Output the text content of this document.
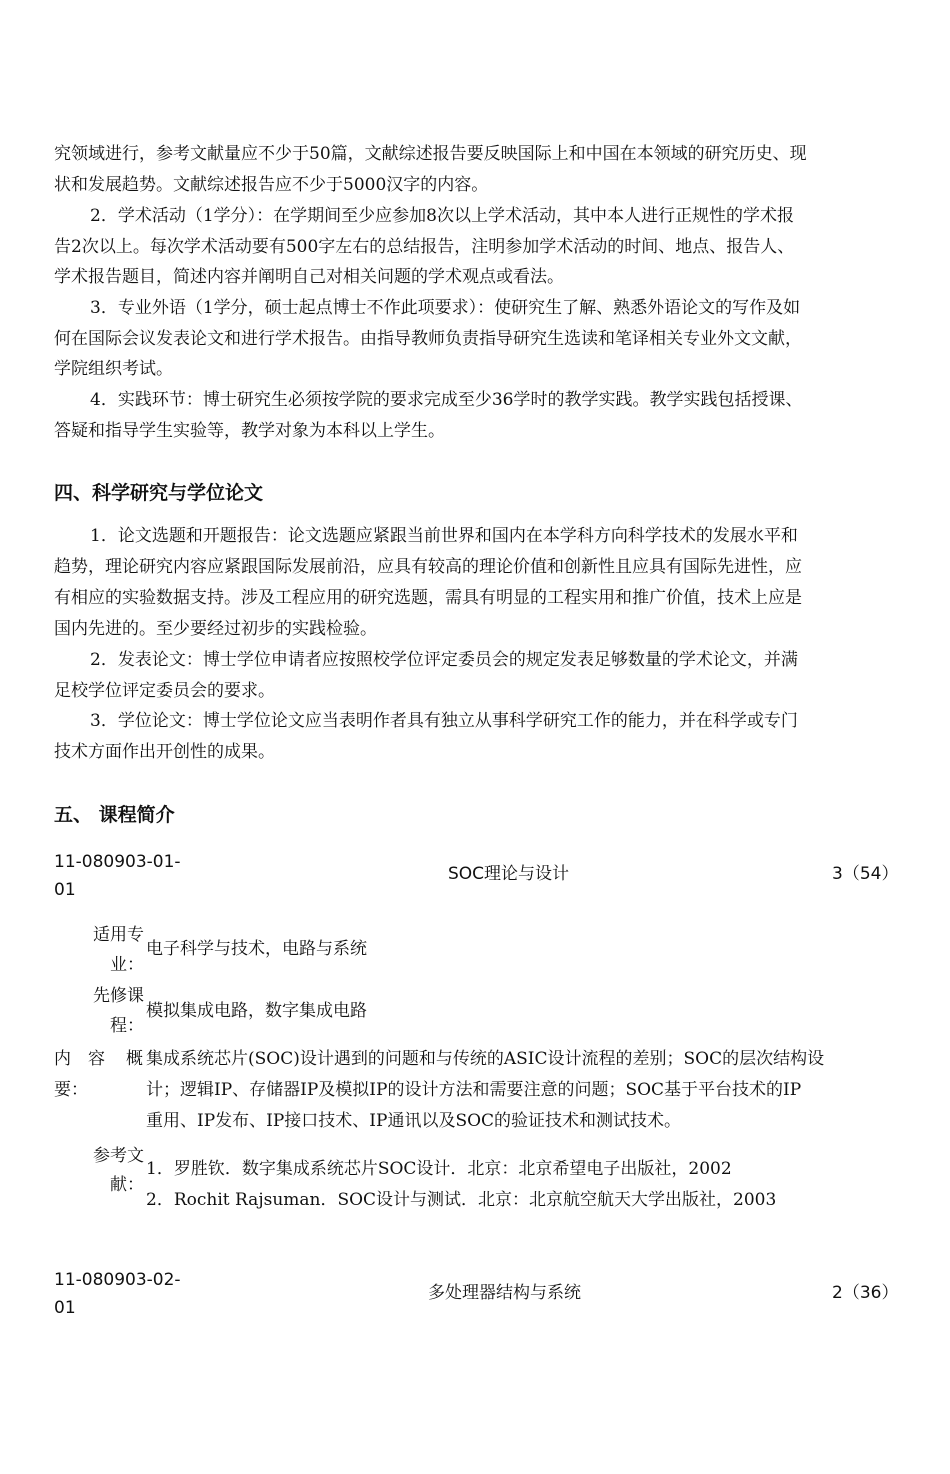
究领域进行，参考文献量应不少于50篇，文献综述报告要反映国际上和中国在本领域的研究历史、现
状和发展趋势。文献综述报告应不少于5000汉字的内容。
2．学术活动（1学分）：在学期间至少应参加8次以上学术活动，其中本人进行正规性的学术报
告2次以上。每次学术活动要有500字左右的总结报告，注明参加学术活动的时间、地点、报告人、
学术报告题目，简述内容并阐明自己对相关问题的学术观点或看法。
3．专业外语（1学分，硕士起点博士不作此项要求）：使研究生了解、熟悉外语论文的写作及如
何在国际会议发表论文和进行学术报告。由指导教师负责指导研究生选读和笔译相关专业外文文献，
学院组织考试。
4．实践环节：博士研究生必须按学院的要求完成至少36学时的教学实践。教学实践包括授课、
答疑和指导学生实验等，教学对象为本科以上学生。
四、科学研究与学位论文
1．论文选题和开题报告：论文选题应紧跟当前世界和国内在本学科方向科学技术的发展水平和
趋势，理论研究内容应紧跟国际发展前沿，应具有较高的理论价值和创新性且应具有国际先进性，应
有相应的实验数据支持。涉及工程应用的研究选题，需具有明显的工程实用和推广价值，技术上应是
国内先进的。至少要经过初步的实践检验。
2．发表论文：博士学位申请者应按照校学位评定委员会的规定发表足够数量的学术论文，并满
足校学位评定委员会的要求。
3．学位论文：博士学位论文应当表明作者具有独立从事科学研究工作的能力，并在科学或专门
技术方面作出开创性的成果。
五、 课程简介
11-080903-01-
01
SOC理论与设计	3（54）
适用专
业：
电子科学与技术，电路与系统
先修课
程：
模拟集成电路，数字集成电路
内　容
要：
概 集成系统芯片(SOC)设计遇到的问题和与传统的ASIC设计流程的差别；SOC的层次结构设
计；逻辑IP、存储器IP及模拟IP的设计方法和需要注意的问题；SOC基于平台技术的IP
重用、IP发布、IP接口技术、IP通讯以及SOC的验证技术和测试技术。
参考文
献：
1．罗胜钦．数字集成系统芯片SOC设计．北京：北京希望电子出版社，2002
2．Rochit Rajsuman．SOC设计与测试．北京：北京航空航天大学出版社，2003
11-080903-02-
01
多处理器结构与系统	2（36）
